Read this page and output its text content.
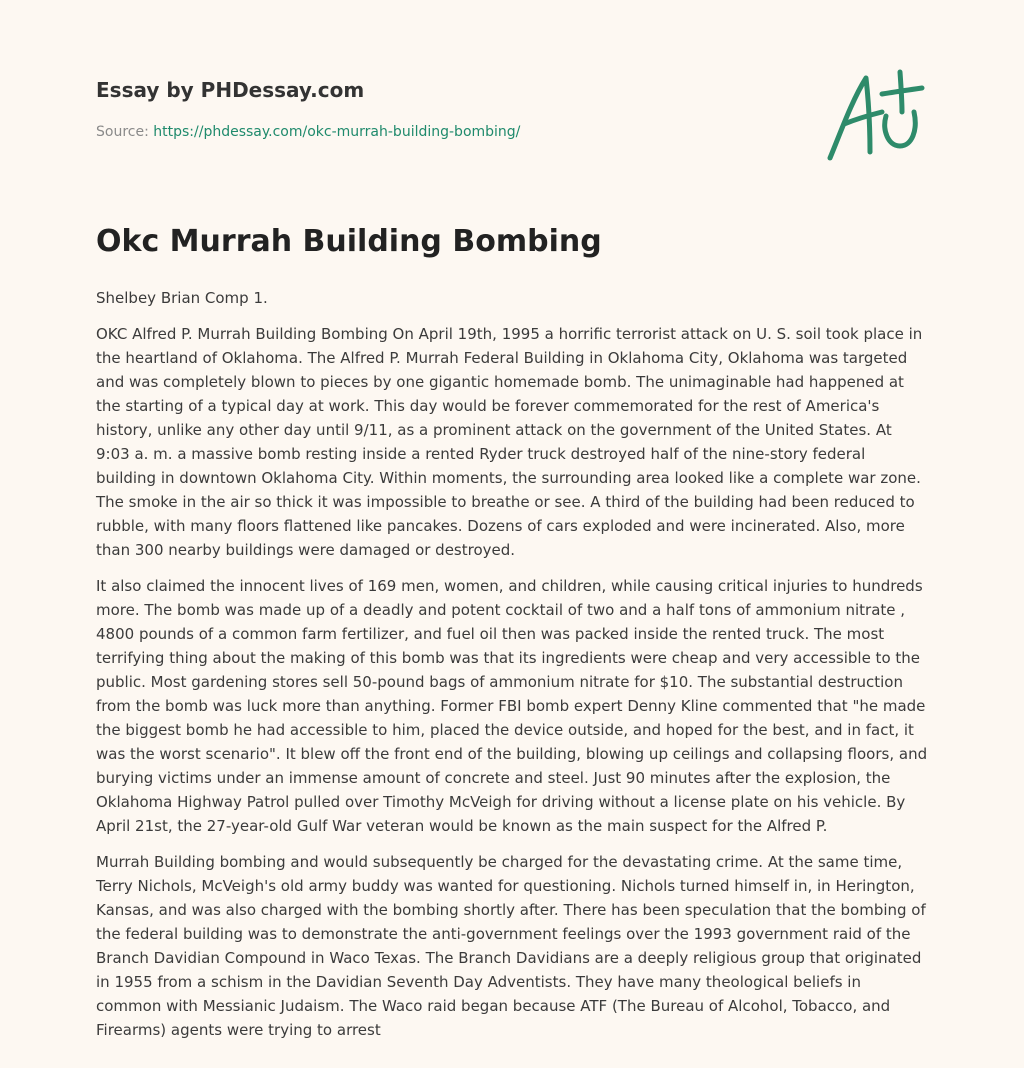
Essay by PHDessay.com
Source: https://phdessay.com/okc-murrah-building-bombing/
Okc Murrah Building Bombing

Shelbey Brian Comp 1.

OKC Alfred P. Murrah Building Bombing On April 19th, 1995 a horrific terrorist attack on U. S. soil took place in the heartland of Oklahoma. The Alfred P. Murrah Federal Building in Oklahoma City, Oklahoma was targeted and was completely blown to pieces by one gigantic homemade bomb. The unimaginable had happened at the starting of a typical day at work. This day would be forever commemorated for the rest of America's history, unlike any other day until 9/11, as a prominent attack on the government of the United States. At 9:03 a. m. a massive bomb resting inside a rented Ryder truck destroyed half of the nine-story federal building in downtown Oklahoma City. Within moments, the surrounding area looked like a complete war zone. The smoke in the air so thick it was impossible to breathe or see. A third of the building had been reduced to rubble, with many floors flattened like pancakes. Dozens of cars exploded and were incinerated. Also, more than 300 nearby buildings were damaged or destroyed.

It also claimed the innocent lives of 169 men, women, and children, while causing critical injuries to hundreds more. The bomb was made up of a deadly and potent cocktail of two and a half tons of ammonium nitrate , 4800 pounds of a common farm fertilizer, and fuel oil then was packed inside the rented truck. The most terrifying thing about the making of this bomb was that its ingredients were cheap and very accessible to the public. Most gardening stores sell 50-pound bags of ammonium nitrate for $10. The substantial destruction from the bomb was luck more than anything. Former FBI bomb expert Denny Kline commented that "he made the biggest bomb he had accessible to him, placed the device outside, and hoped for the best, and in fact, it was the worst scenario". It blew off the front end of the building, blowing up ceilings and collapsing floors, and burying victims under an immense amount of concrete and steel. Just 90 minutes after the explosion, the Oklahoma Highway Patrol pulled over Timothy McVeigh for driving without a license plate on his vehicle. By April 21st, the 27-year-old Gulf War veteran would be known as the main suspect for the Alfred P.

Murrah Building bombing and would subsequently be charged for the devastating crime. At the same time, Terry Nichols, McVeigh's old army buddy was wanted for questioning. Nichols turned himself in, in Herington, Kansas, and was also charged with the bombing shortly after. There has been speculation that the bombing of the federal building was to demonstrate the anti-government feelings over the 1993 government raid of the Branch Davidian Compound in Waco Texas. The Branch Davidians are a deeply religious group that originated in 1955 from a schism in the Davidian Seventh Day Adventists. They have many theological beliefs in common with Messianic Judaism. The Waco raid began because ATF (The Bureau of Alcohol, Tobacco, and Firearms) agents were trying to arrest
